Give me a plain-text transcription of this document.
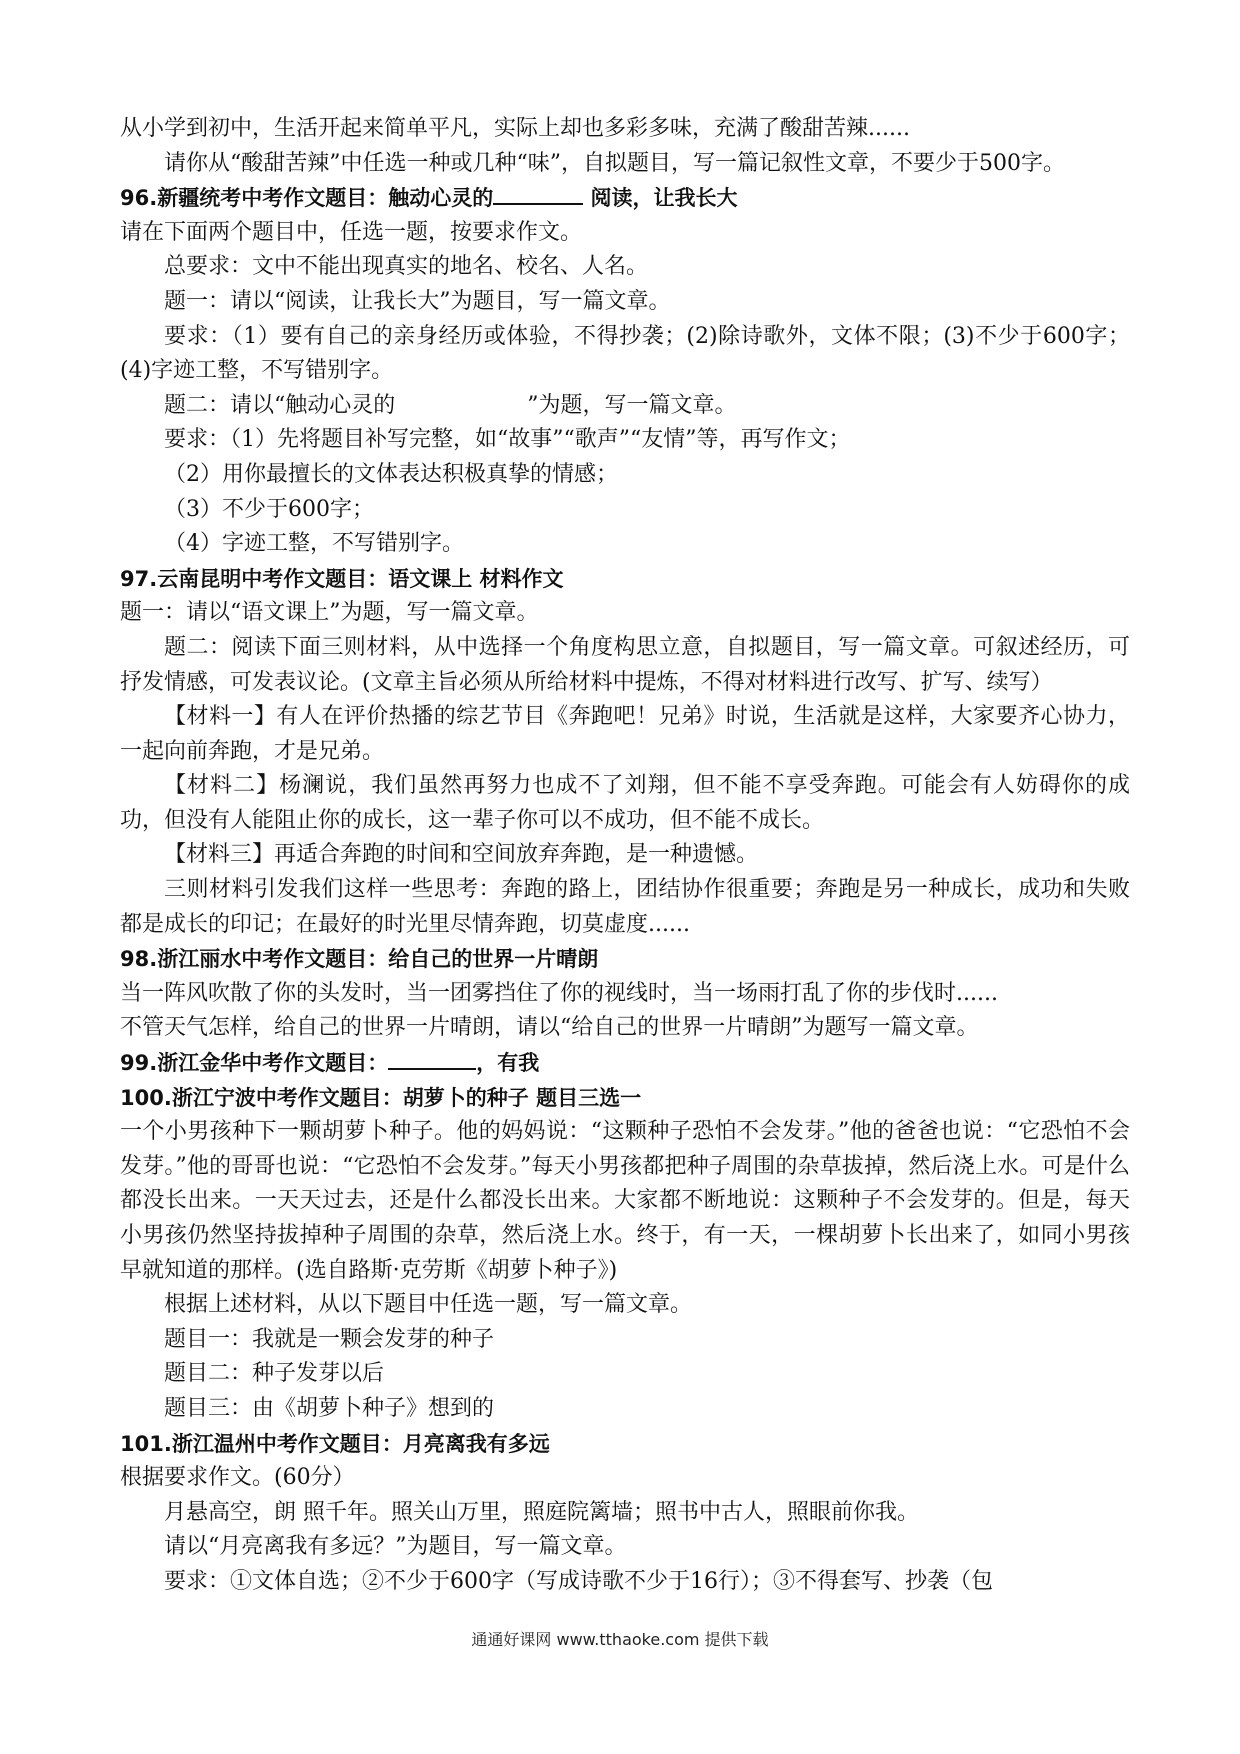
从小学到初中，生活开起来简单平凡，实际上却也多彩多味，充满了酸甜苦辣......

请你从“酸甜苦辣”中任选一种或几种“味”，自拟题目，写一篇记叙性文章，不要少于500字。

96.新疆统考中考作文题目：触动心灵的	阅读，让我长大

请在下面两个题目中，任选一题，按要求作文。

总要求：文中不能出现真实的地名、校名、人名。

题一：请以“阅读，让我长大”为题目，写一篇文章。

要求：（1）要有自己的亲身经历或体验，不得抄袭；(2)除诗歌外，文体不限；(3)不少于600字；(4)字迹工整，不写错别字。

题二：请以“触动心灵的　　　　　　”为题，写一篇文章。

要求：（1）先将题目补写完整，如“故事”“歌声”“友情”等，再写作文；

（2）用你最擅长的文体表达积极真挚的情感；

（3）不少于600字；

（4）字迹工整，不写错别字。

97.云南昆明中考作文题目：语文课上 材料作文

题一：请以“语文课上”为题，写一篇文章。

题二：阅读下面三则材料，从中选择一个角度构思立意，自拟题目，写一篇文章。可叙述经历，可抒发情感，可发表议论。(文章主旨必须从所给材料中提炼，不得对材料进行改写、扩写、续写）

【材料一】有人在评价热播的综艺节目《奔跑吧！兄弟》时说，生活就是这样，大家要齐心协力，一起向前奔跑，才是兄弟。

【材料二】杨澜说，我们虽然再努力也成不了刘翔，但不能不享受奔跑。可能会有人妨碍你的成功，但没有人能阻止你的成长，这一辈子你可以不成功，但不能不成长。

【材料三】再适合奔跑的时间和空间放弃奔跑，是一种遗憾。

三则材料引发我们这样一些思考：奔跑的路上，团结协作很重要；奔跑是另一种成长，成功和失败都是成长的印记；在最好的时光里尽情奔跑，切莫虚度......

98.浙江丽水中考作文题目：给自己的世界一片晴朗

当一阵风吹散了你的头发时，当一团雾挡住了你的视线时，当一场雨打乱了你的步伐时......

不管天气怎样，给自己的世界一片晴朗，请以“给自己的世界一片晴朗”为题写一篇文章。

99.浙江金华中考作文题目：	，有我

100.浙江宁波中考作文题目：胡萝卜的种子 题目三选一

一个小男孩种下一颗胡萝卜种子。他的妈妈说：“这颗种子恐怕不会发芽。”他的爸爸也说：“它恐怕不会发芽。”他的哥哥也说：“它恐怕不会发芽。”每天小男孩都把种子周围的杂草拔掉，然后浇上水。可是什么都没长出来。一天天过去，还是什么都没长出来。大家都不断地说：这颗种子不会发芽的。但是，每天小男孩仍然坚持拔掉种子周围的杂草，然后浇上水。终于，有一天，一棵胡萝卜长出来了，如同小男孩早就知道的那样。(选自路斯·克劳斯《胡萝卜种子》)

根据上述材料，从以下题目中任选一题，写一篇文章。

题目一：我就是一颗会发芽的种子

题目二：种子发芽以后

题目三：由《胡萝卜种子》想到的

101.浙江温州中考作文题目：月亮离我有多远

根据要求作文。(60分）

月悬高空，朗 照千年。照关山万里，照庭院篱墙；照书中古人，照眼前你我。

请以“月亮离我有多远？”为题目，写一篇文章。

要求：①文体自选；②不少于600字（写成诗歌不少于16行）；③不得套写、抄袭（包

通通好课网 www.tthaoke.com 提供下载
